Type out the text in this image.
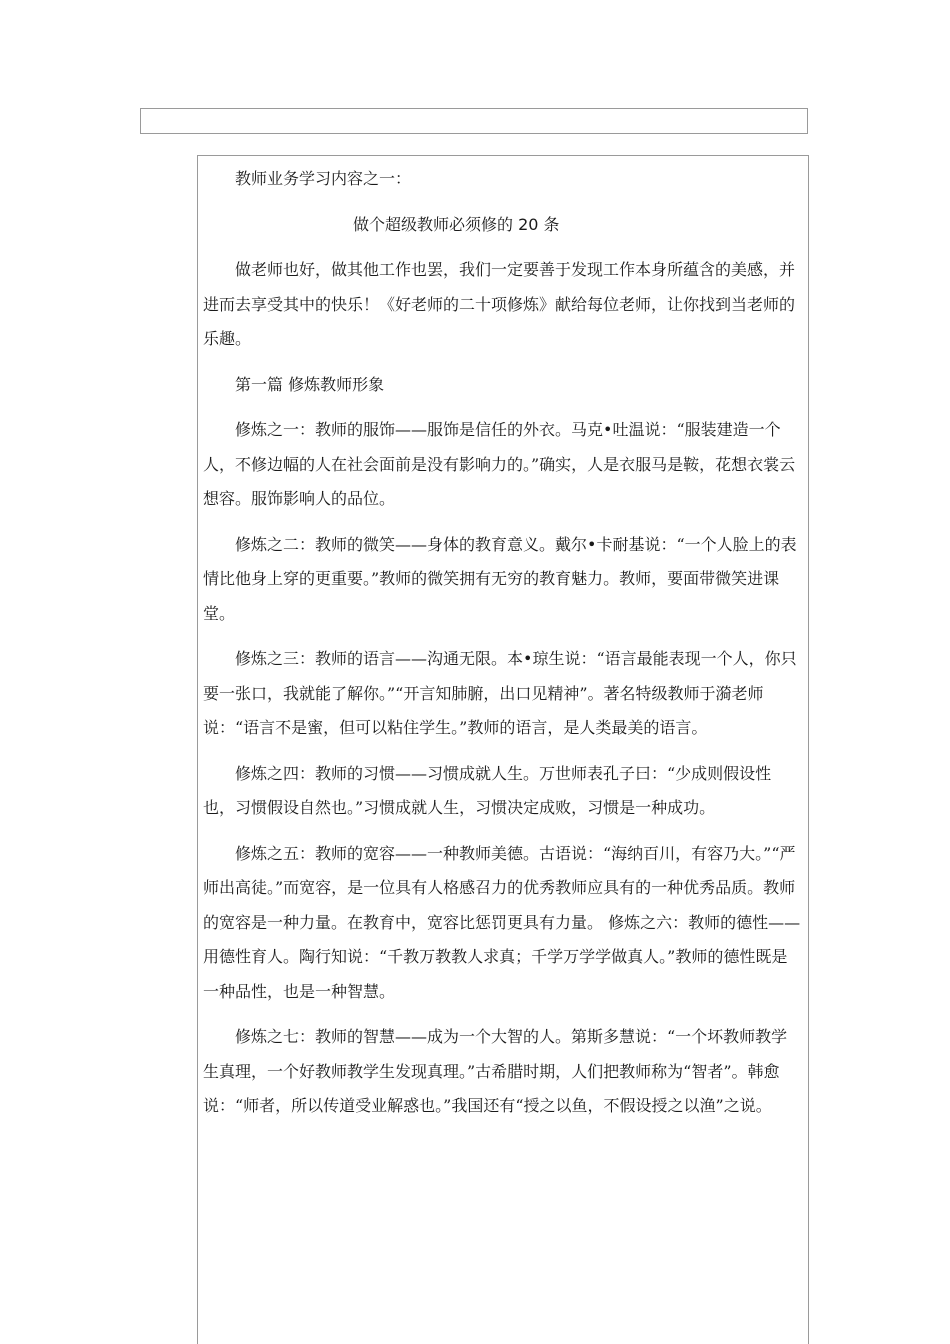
教师业务学习内容之一：

做个超级教师必须修的 20 条

做老师也好，做其他工作也罢，我们一定要善于发现工作本身所蕴含的美感，并进而去享受其中的快乐！《好老师的二十项修炼》献给每位老师，让你找到当老师的乐趣。

第一篇 修炼教师形象

修炼之一：教师的服饰——服饰是信任的外衣。马克•吐温说：“服装建造一个人，不修边幅的人在社会面前是没有影响力的。”确实，人是衣服马是鞍，花想衣裳云想容。服饰影响人的品位。

修炼之二：教师的微笑——身体的教育意义。戴尔•卡耐基说：“一个人脸上的表情比他身上穿的更重要。”教师的微笑拥有无穷的教育魅力。教师，要面带微笑进课堂。

修炼之三：教师的语言——沟通无限。本•琼生说：“语言最能表现一个人，你只要一张口，我就能了解你。”“开言知肺腑，出口见精神”。著名特级教师于漪老师说：“语言不是蜜，但可以粘住学生。”教师的语言，是人类最美的语言。

修炼之四：教师的习惯——习惯成就人生。万世师表孔子曰：“少成则假设性也，习惯假设自然也。”习惯成就人生，习惯决定成败，习惯是一种成功。

修炼之五：教师的宽容——一种教师美德。古语说：“海纳百川，有容乃大。”“严师出高徒。”而宽容，是一位具有人格感召力的优秀教师应具有的一种优秀品质。教师的宽容是一种力量。在教育中，宽容比惩罚更具有力量。 修炼之六：教师的德性——用德性育人。陶行知说：“千教万教教人求真；千学万学学做真人。”教师的德性既是一种品性，也是一种智慧。

修炼之七：教师的智慧——成为一个大智的人。第斯多慧说：“一个坏教师教学生真理，一个好教师教学生发现真理。”古希腊时期，人们把教师称为“智者”。韩愈说：“师者，所以传道受业解惑也。”我国还有“授之以鱼，不假设授之以渔”之说。
